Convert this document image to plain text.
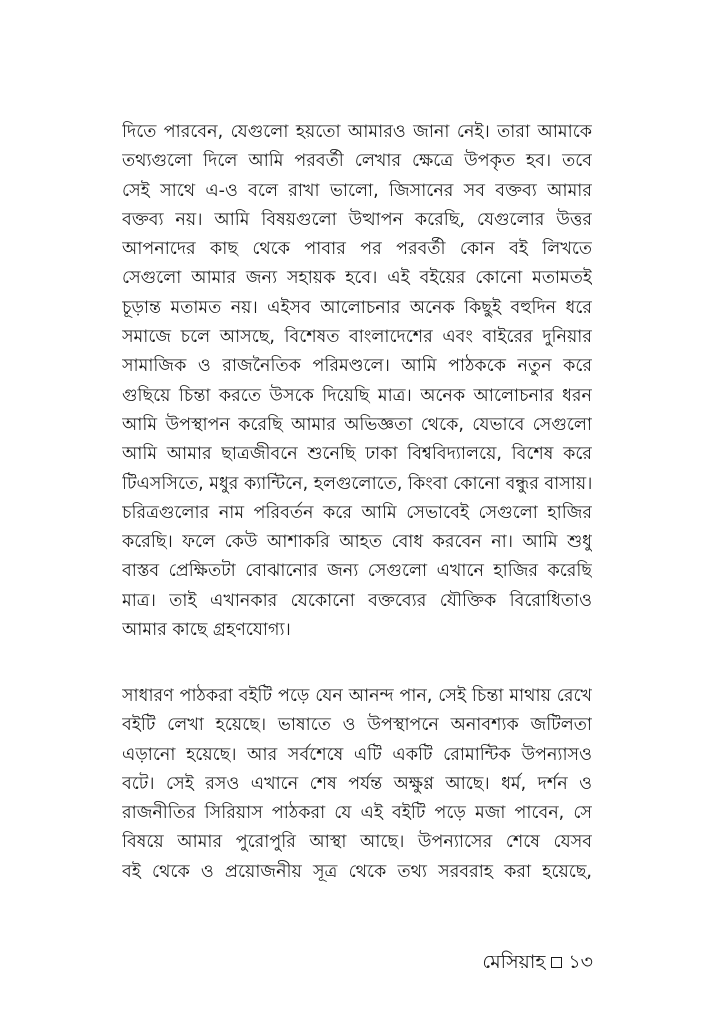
দিতে পারবেন, যেগুলো হয়তো আমারও জানা নেই। তারা আমাকে
তথ্যগুলো দিলে আমি পরবর্তী লেখার ক্ষেত্রে উপকৃত হব। তবে
সেই সাথে এ-ও বলে রাখা ভালো, জিসানের সব বক্তব্য আমার
বক্তব্য নয়। আমি বিষয়গুলো উত্থাপন করেছি, যেগুলোর উত্তর
আপনাদের কাছ থেকে পাবার পর পরবর্তী কোন বই লিখতে
সেগুলো আমার জন্য সহায়ক হবে। এই বইয়ের কোনো মতামতই
চূড়ান্ত মতামত নয়। এইসব আলোচনার অনেক কিছুই বহুদিন ধরে
সমাজে চলে আসছে, বিশেষত বাংলাদেশের এবং বাইরের দুনিয়ার
সামাজিক ও রাজনৈতিক পরিমণ্ডলে। আমি পাঠককে নতুন করে
গুছিয়ে চিন্তা করতে উসকে দিয়েছি মাত্র। অনেক আলোচনার ধরন
আমি উপস্থাপন করেছি আমার অভিজ্ঞতা থেকে, যেভাবে সেগুলো
আমি আমার ছাত্রজীবনে শুনেছি ঢাকা বিশ্ববিদ্যালয়ে, বিশেষ করে
টিএসসিতে, মধুর ক্যান্টিনে, হলগুলোতে, কিংবা কোনো বন্ধুর বাসায়।
চরিত্রগুলোর নাম পরিবর্তন করে আমি সেভাবেই সেগুলো হাজির
করেছি। ফলে কেউ আশাকরি আহত বোধ করবেন না। আমি শুধু
বাস্তব প্রেক্ষিতটা বোঝানোর জন্য সেগুলো এখানে হাজির করেছি
মাত্র। তাই এখানকার যেকোনো বক্তব্যের যৌক্তিক বিরোধিতাও
আমার কাছে গ্রহণযোগ্য।
সাধারণ পাঠকরা বইটি পড়ে যেন আনন্দ পান, সেই চিন্তা মাথায় রেখে
বইটি লেখা হয়েছে। ভাষাতে ও উপস্থাপনে অনাবশ্যক জটিলতা
এড়ানো হয়েছে। আর সর্বশেষে এটি একটি রোমান্টিক উপন্যাসও
বটে। সেই রসও এখানে শেষ পর্যন্ত অক্ষুণ্ণ আছে। ধর্ম, দর্শন ও
রাজনীতির সিরিয়াস পাঠকরা যে এই বইটি পড়ে মজা পাবেন, সে
বিষয়ে আমার পুরোপুরি আস্থা আছে। উপন্যাসের শেষে যেসব
বই থেকে ও প্রয়োজনীয় সূত্র থেকে তথ্য সরবরাহ করা হয়েছে,
মেসিয়াহ ১৩
